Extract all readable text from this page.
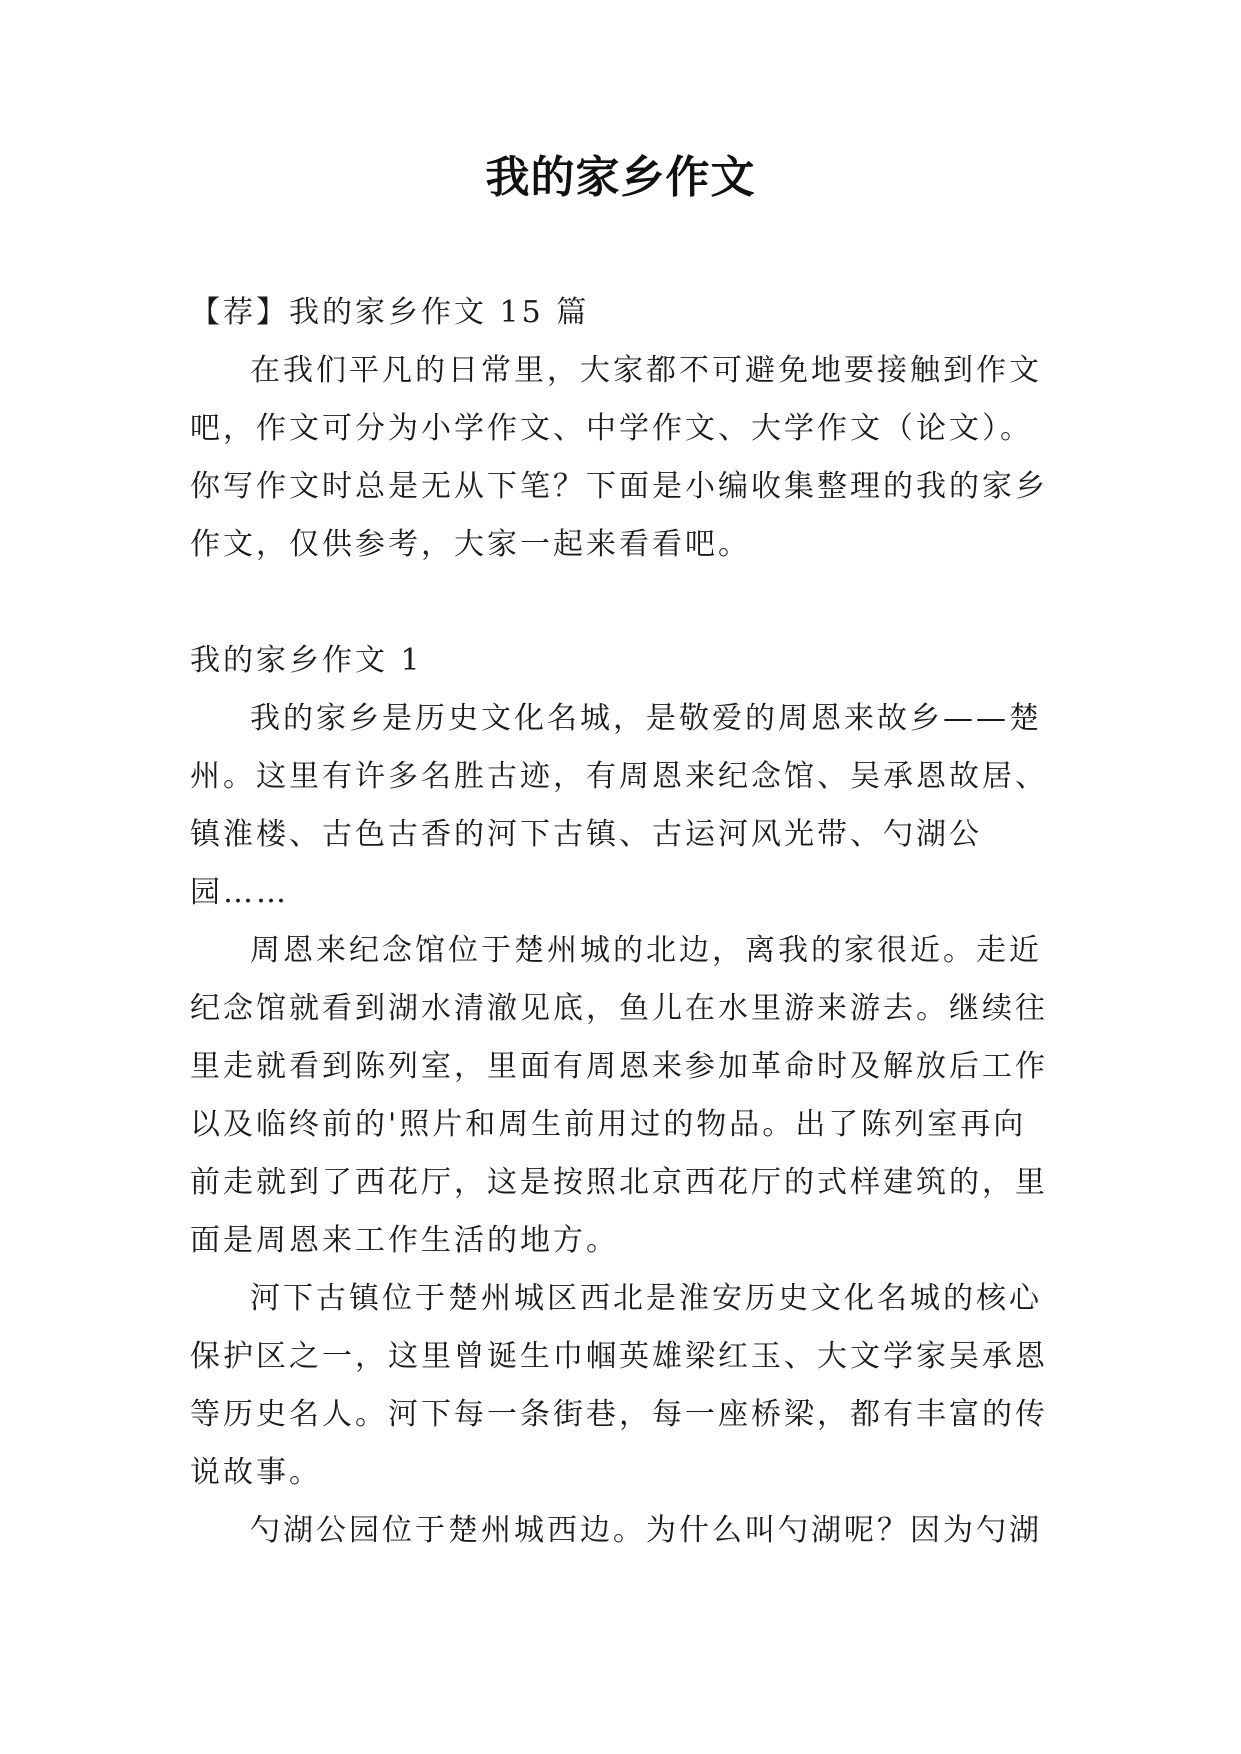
我的家乡作文

【荐】我的家乡作文 15 篇

在我们平凡的日常里，大家都不可避免地要接触到作文吧，作文可分为小学作文、中学作文、大学作文（论文）。你写作文时总是无从下笔？下面是小编收集整理的我的家乡作文，仅供参考，大家一起来看看吧。

我的家乡作文 1

我的家乡是历史文化名城，是敬爱的周恩来故乡——楚州。这里有许多名胜古迹，有周恩来纪念馆、吴承恩故居、镇淮楼、古色古香的河下古镇、古运河风光带、勺湖公园……

周恩来纪念馆位于楚州城的北边，离我的家很近。走近纪念馆就看到湖水清澈见底，鱼儿在水里游来游去。继续往里走就看到陈列室，里面有周恩来参加革命时及解放后工作以及临终前的'照片和周生前用过的物品。出了陈列室再向前走就到了西花厅，这是按照北京西花厅的式样建筑的，里面是周恩来工作生活的地方。

河下古镇位于楚州城区西北是淮安历史文化名城的核心保护区之一，这里曾诞生巾帼英雄梁红玉、大文学家吴承恩等历史名人。河下每一条街巷，每一座桥梁，都有丰富的传说故事。

勺湖公园位于楚州城西边。为什么叫勺湖呢？因为勺湖
